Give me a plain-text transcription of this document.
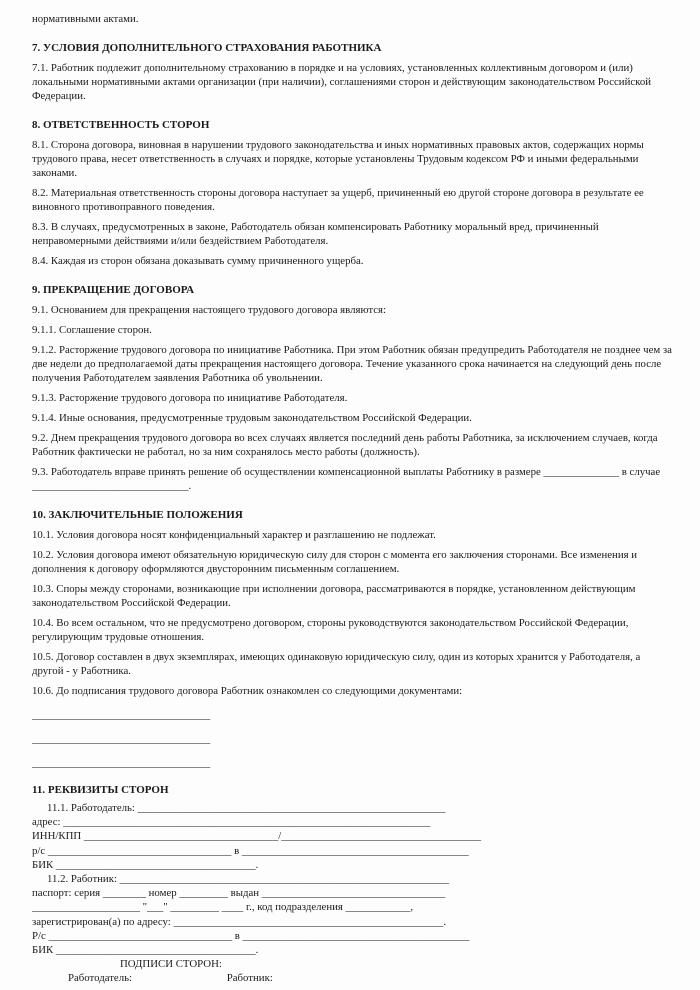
нормативными актами.

7. УСЛОВИЯ ДОПОЛНИТЕЛЬНОГО СТРАХОВАНИЯ РАБОТНИКА

7.1. Работник подлежит дополнительному страхованию в порядке и на условиях, установленных коллективным договором и (или) локальными нормативными актами организации (при наличии), соглашениями сторон и действующим законодательством Российской Федерации.

8. ОТВЕТСТВЕННОСТЬ СТОРОН

8.1. Сторона договора, виновная в нарушении трудового законодательства и иных нормативных правовых актов, содержащих нормы трудового права, несет ответственность в случаях и порядке, которые установлены Трудовым кодексом РФ и иными федеральными законами.

8.2. Материальная ответственность стороны договора наступает за ущерб, причиненный ею другой стороне договора в результате ее виновного противоправного поведения.

8.3. В случаях, предусмотренных в законе, Работодатель обязан компенсировать Работнику моральный вред, причиненный неправомерными действиями и/или бездействием Работодателя.

8.4. Каждая из сторон обязана доказывать сумму причиненного ущерба.

9. ПРЕКРАЩЕНИЕ ДОГОВОРА

9.1. Основанием для прекращения настоящего трудового договора являются:

9.1.1. Соглашение сторон.

9.1.2. Расторжение трудового договора по инициативе Работника. При этом Работник обязан предупредить Работодателя не позднее чем за две недели до предполагаемой даты прекращения настоящего договора. Течение указанного срока начинается на следующий день после получения Работодателем заявления Работника об увольнении.

9.1.3. Расторжение трудового договора по инициативе Работодателя.

9.1.4. Иные основания, предусмотренные трудовым законодательством Российской Федерации.

9.2. Днем прекращения трудового договора во всех случаях является последний день работы Работника, за исключением случаев, когда Работник фактически не работал, но за ним сохранялось место работы (должность).

9.3. Работодатель вправе принять решение об осуществлении компенсационной выплаты Работнику в размере ______________ в случае _____________________________.

10. ЗАКЛЮЧИТЕЛЬНЫЕ ПОЛОЖЕНИЯ

10.1. Условия договора носят конфиденциальный характер и разглашению не подлежат.

10.2. Условия договора имеют обязательную юридическую силу для сторон с момента его заключения сторонами. Все изменения и дополнения к договору оформляются двусторонним письменным соглашением.

10.3. Споры между сторонами, возникающие при исполнении договора, рассматриваются в порядке, установленном действующим законодательством Российской Федерации.

10.4. Во всем остальном, что не предусмотрено договором, стороны руководствуются законодательством Российской Федерации, регулирующим трудовые отношения.

10.5. Договор составлен в двух экземплярах, имеющих одинаковую юридическую силу, один из которых хранится у Работодателя, а другой - у Работника.

10.6. До подписания трудового договора Работник ознакомлен со следующими документами:

_________________________________

_________________________________

_________________________________

11. РЕКВИЗИТЫ СТОРОН
11.1. Работодатель: _________________________________________________________
адрес: ____________________________________________________________________
ИНН/КПП ____________________________________/_____________________________________
р/с __________________________________ в __________________________________________
БИК _____________________________________.
11.2. Работник: _____________________________________________________________
паспорт: серия ________ номер _________ выдан __________________________________
____________________ "___" _________ ____ г., код подразделения ____________,
зарегистрирован(а) по адресу: __________________________________________________.
Р/с __________________________________ в __________________________________________
БИК _____________________________________.
ПОДПИСИ СТОРОН:
Работодатель:	Работник:
